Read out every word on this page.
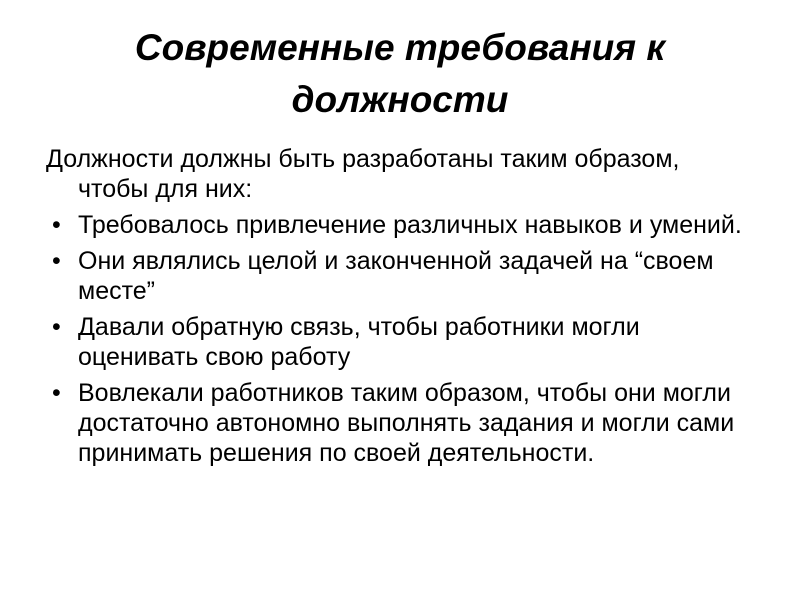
Современные требования к должности

Должности должны быть разработаны таким образом, чтобы для них:

• Требовалось привлечение различных навыков и умений.
• Они являлись целой и законченной задачей на “своем месте”
• Давали обратную связь, чтобы работники могли оценивать свою работу
• Вовлекали работников таким образом, чтобы они могли достаточно автономно выполнять задания и могли сами принимать решения по своей деятельности.
